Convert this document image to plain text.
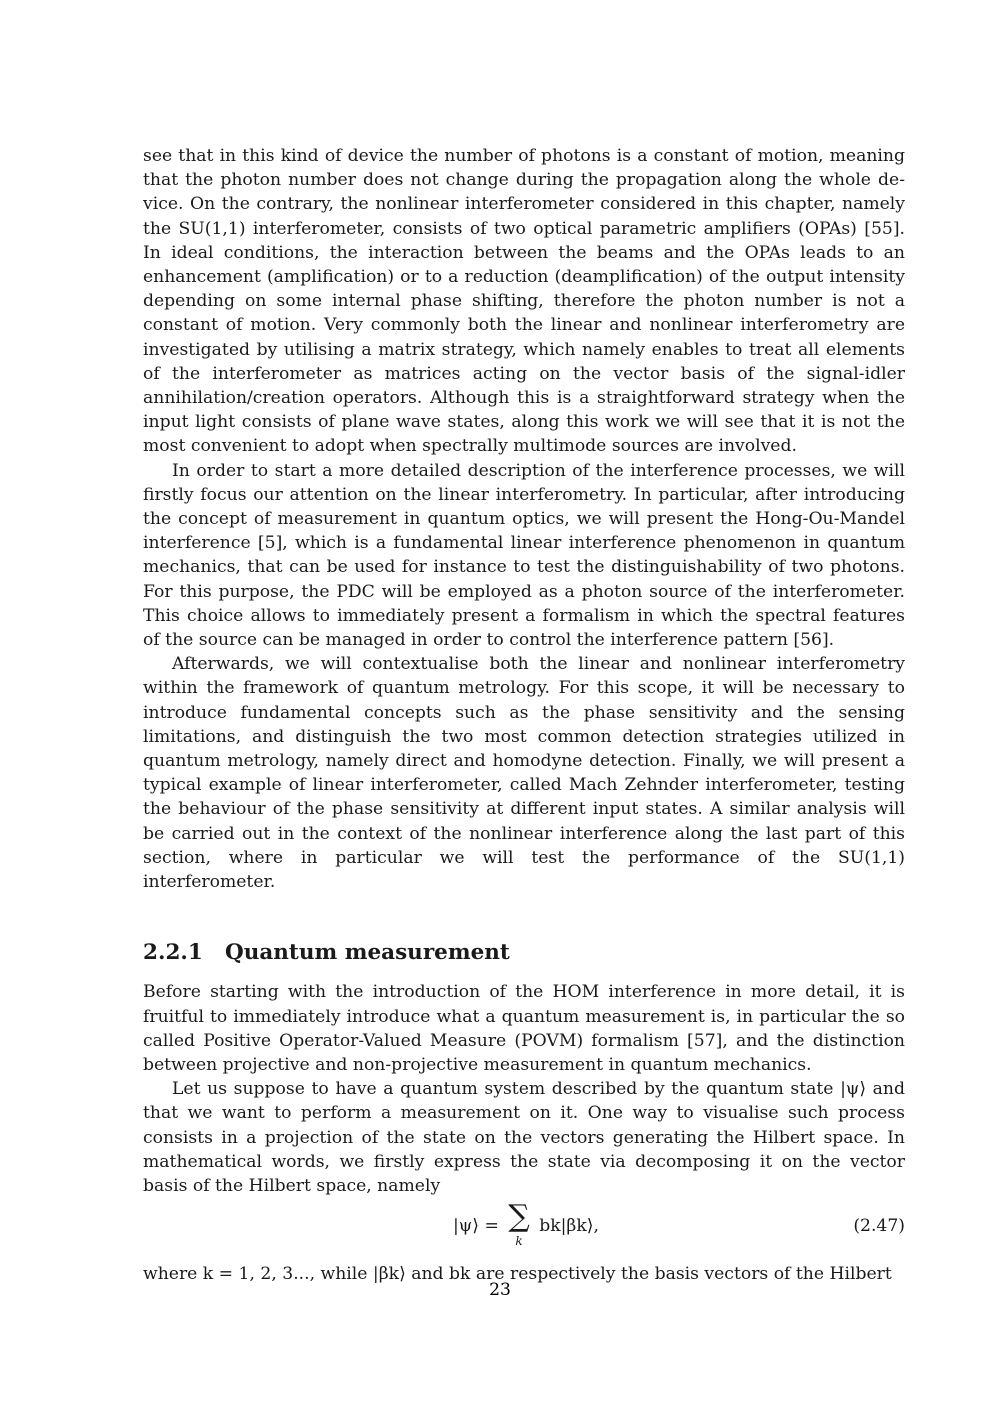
see that in this kind of device the number of photons is a constant of motion, meaning that the photon number does not change during the propagation along the whole device. On the contrary, the nonlinear interferometer considered in this chapter, namely the SU(1,1) interferometer, consists of two optical parametric amplifiers (OPAs) [55]. In ideal conditions, the interaction between the beams and the OPAs leads to an enhancement (amplification) or to a reduction (deamplification) of the output intensity depending on some internal phase shifting, therefore the photon number is not a constant of motion. Very commonly both the linear and nonlinear interferometry are investigated by utilising a matrix strategy, which namely enables to treat all elements of the interferometer as matrices acting on the vector basis of the signal-idler annihilation/creation operators. Although this is a straightforward strategy when the input light consists of plane wave states, along this work we will see that it is not the most convenient to adopt when spectrally multimode sources are involved.

In order to start a more detailed description of the interference processes, we will firstly focus our attention on the linear interferometry. In particular, after introducing the concept of measurement in quantum optics, we will present the Hong-Ou-Mandel interference [5], which is a fundamental linear interference phenomenon in quantum mechanics, that can be used for instance to test the distinguishability of two photons. For this purpose, the PDC will be employed as a photon source of the interferometer. This choice allows to immediately present a formalism in which the spectral features of the source can be managed in order to control the interference pattern [56].

Afterwards, we will contextualise both the linear and nonlinear interferometry within the framework of quantum metrology. For this scope, it will be necessary to introduce fundamental concepts such as the phase sensitivity and the sensing limitations, and distinguish the two most common detection strategies utilized in quantum metrology, namely direct and homodyne detection. Finally, we will present a typical example of linear interferometer, called Mach Zehnder interferometer, testing the behaviour of the phase sensitivity at different input states. A similar analysis will be carried out in the context of the nonlinear interference along the last part of this section, where in particular we will test the performance of the SU(1,1) interferometer.

2.2.1 Quantum measurement

Before starting with the introduction of the HOM interference in more detail, it is fruitful to immediately introduce what a quantum measurement is, in particular the so called Positive Operator-Valued Measure (POVM) formalism [57], and the distinction between projective and non-projective measurement in quantum mechanics.

Let us suppose to have a quantum system described by the quantum state |ψ⟩ and that we want to perform a measurement on it. One way to visualise such process consists in a projection of the state on the vectors generating the Hilbert space. In mathematical words, we firstly express the state via decomposing it on the vector basis of the Hilbert space, namely

|ψ⟩ = ∑
k
bk|βk⟩,	(2.47)

where k = 1, 2, 3..., while |βk⟩ and bk are respectively the basis vectors of the Hilbert

23
